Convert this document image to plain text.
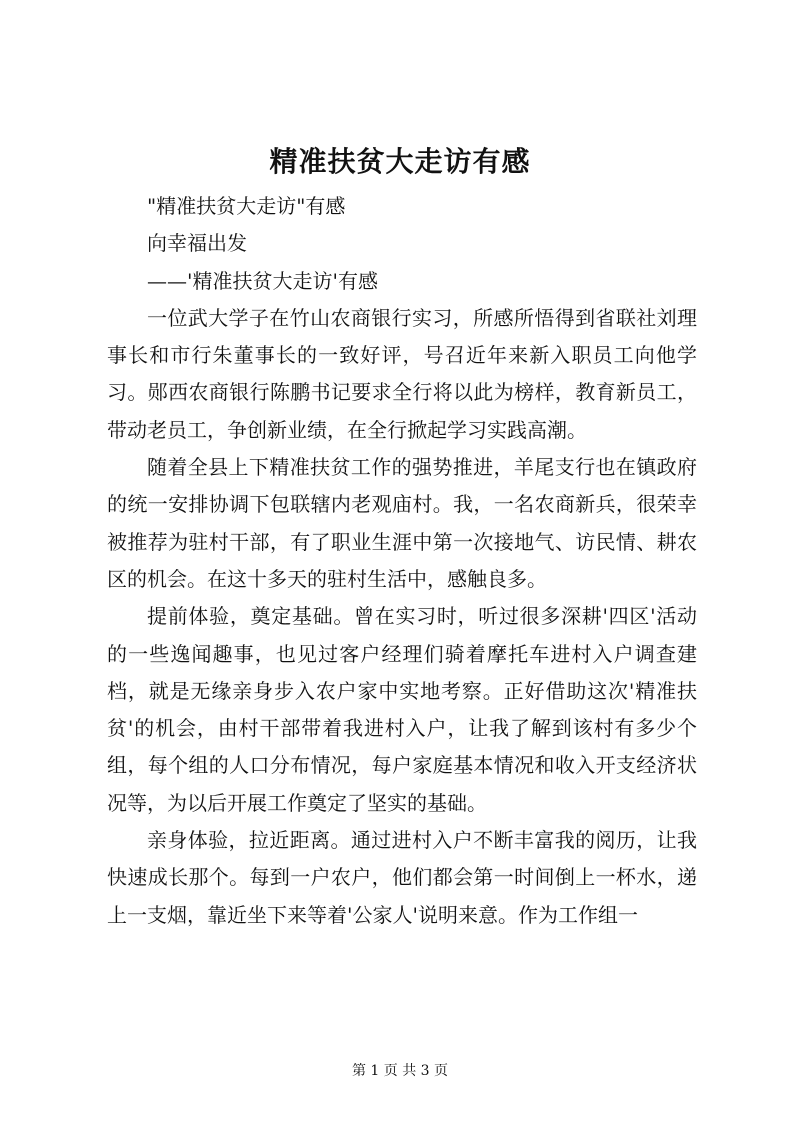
精准扶贫大走访有感

"精准扶贫大走访"有感

向幸福出发

——'精准扶贫大走访'有感

一位武大学子在竹山农商银行实习，所感所悟得到省联社刘理事长和市行朱董事长的一致好评，号召近年来新入职员工向他学习。郧西农商银行陈鹏书记要求全行将以此为榜样，教育新员工，带动老员工，争创新业绩，在全行掀起学习实践高潮。

随着全县上下精准扶贫工作的强势推进，羊尾支行也在镇政府的统一安排协调下包联辖内老观庙村。我，一名农商新兵，很荣幸被推荐为驻村干部，有了职业生涯中第一次接地气、访民情、耕农区的机会。在这十多天的驻村生活中，感触良多。

提前体验，奠定基础。曾在实习时，听过很多深耕'四区'活动的一些逸闻趣事，也见过客户经理们骑着摩托车进村入户调查建档，就是无缘亲身步入农户家中实地考察。正好借助这次'精准扶贫'的机会，由村干部带着我进村入户，让我了解到该村有多少个组，每个组的人口分布情况，每户家庭基本情况和收入开支经济状况等，为以后开展工作奠定了坚实的基础。

亲身体验，拉近距离。通过进村入户不断丰富我的阅历，让我快速成长那个。每到一户农户，他们都会第一时间倒上一杯水，递上一支烟，靠近坐下来等着'公家人'说明来意。作为工作组一

第 1 页 共 3 页
